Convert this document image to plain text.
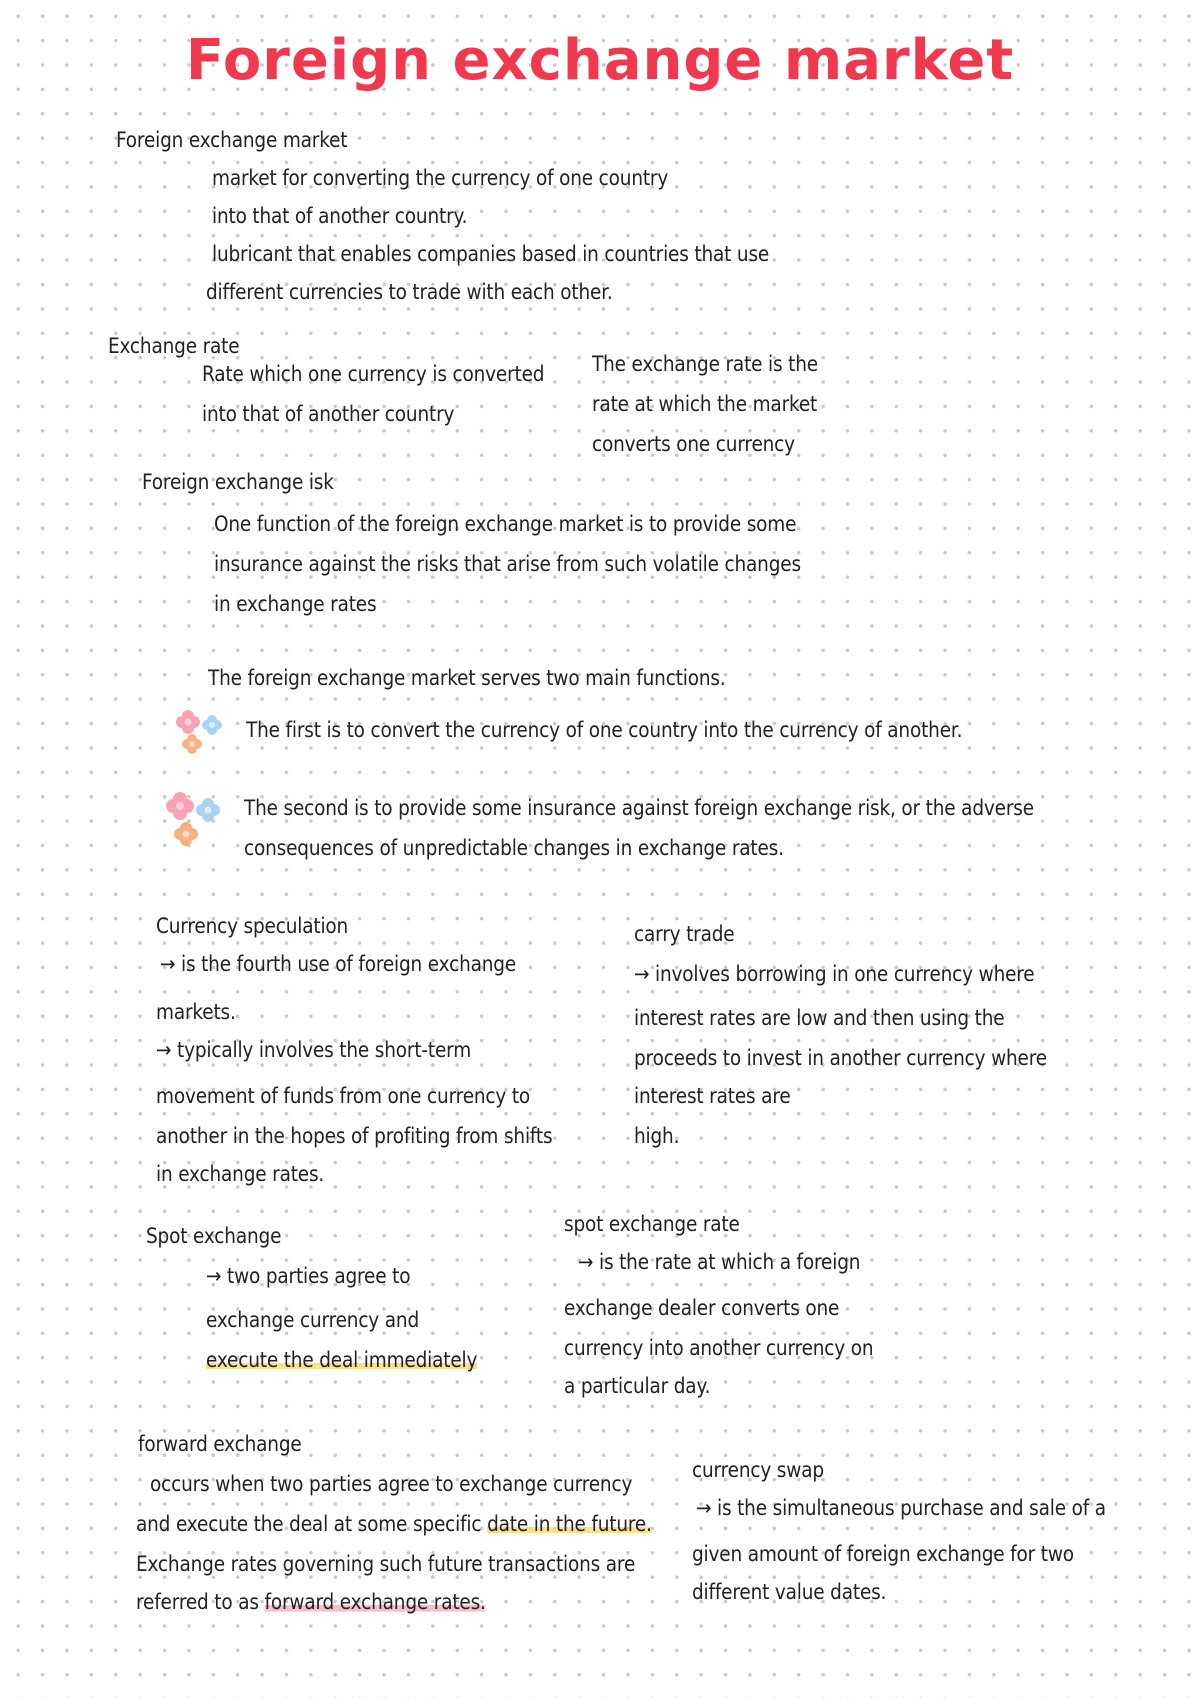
Foreign exchange market
Foreign exchange market
market for converting the currency of one country
into that of another country.
lubricant that enables companies based in countries that use
different currencies to trade with each other.
Exchange rate
Rate which one currency is converted
into that of another country
The exchange rate is the
rate at which the market
converts one currency
Foreign exchange isk
One function of the foreign exchange market is to provide some
insurance against the risks that arise from such volatile changes
in exchange rates
The foreign exchange market serves two main functions.
The first is to convert the currency of one country into the currency of another.
The second is to provide some insurance against foreign exchange risk, or the adverse
consequences of unpredictable changes in exchange rates.
Currency speculation
→ is the fourth use of foreign exchange
markets.
→ typically involves the short-term
movement of funds from one currency to
another in the hopes of profiting from shifts
in exchange rates.
carry trade
→ involves borrowing in one currency where
interest rates are low and then using the
proceeds to invest in another currency where
interest rates are
high.
Spot exchange
→ two parties agree to
exchange currency and
execute the deal immediately
spot exchange rate
→ is the rate at which a foreign
exchange dealer converts one
currency into another currency on
a particular day.
forward exchange
occurs when two parties agree to exchange currency
and execute the deal at some specific date in the future.
Exchange rates governing such future transactions are
referred to as forward exchange rates.
currency swap
→ is the simultaneous purchase and sale of a
given amount of foreign exchange for two
different value dates.
